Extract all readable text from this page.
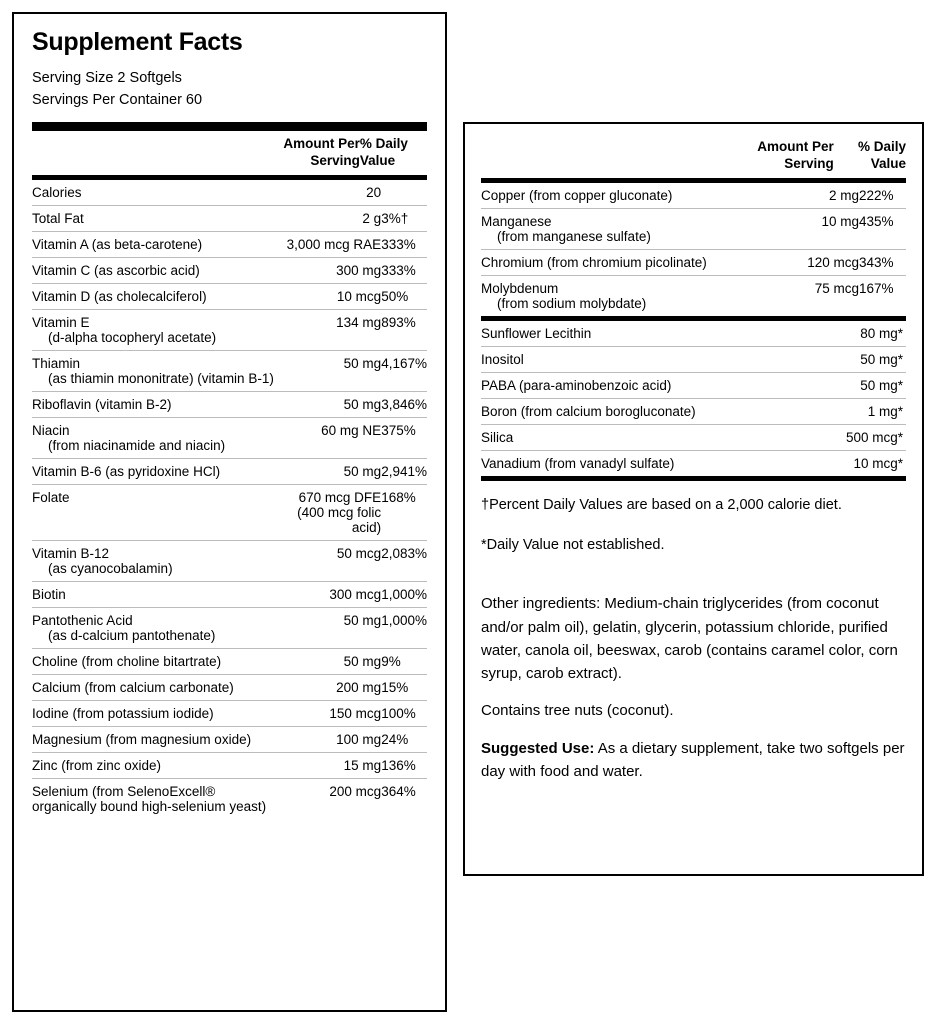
Supplement Facts
Serving Size 2 Softgels
Servings Per Container 60
	Amount Per
Serving	% Daily
Value
Calories	20	
Total Fat	2 g	3%†
Vitamin A (as beta-carotene)	3,000 mcg RAE	333%
Vitamin C (as ascorbic acid)	300 mg	333%
Vitamin D (as cholecalciferol)	10 mcg	50%
Vitamin E
(d-alpha tocopheryl acetate)	134 mg	893%
Thiamin
(as thiamin mononitrate) (vitamin B-1)	50 mg	4,167%
Riboflavin (vitamin B-2)	50 mg	3,846%
Niacin
(from niacinamide and niacin)	60 mg NE	375%
Vitamin B-6 (as pyridoxine HCl)	50 mg	2,941%
Folate	670 mcg DFE (400 mcg folic acid)	168%
Vitamin B-12
(as cyanocobalamin)	50 mcg	2,083%
Biotin	300 mcg	1,000%
Pantothenic Acid
(as d-calcium pantothenate)	50 mg	1,000%
Choline (from choline bitartrate)	50 mg	9%
Calcium (from calcium carbonate)	200 mg	15%
Iodine (from potassium iodide)	150 mcg	100%
Magnesium (from magnesium oxide)	100 mg	24%
Zinc (from zinc oxide)	15 mg	136%
Selenium (from SelenoExcell® organically bound high-selenium yeast)	200 mcg	364%
	Amount Per
Serving	% Daily
Value
Copper (from copper gluconate)	2 mg	222%
Manganese
(from manganese sulfate)	10 mg	435%
Chromium (from chromium picolinate)	120 mcg	343%
Molybdenum
(from sodium molybdate)	75 mcg	167%
Sunflower Lecithin	80 mg	*
Inositol	50 mg	*
PABA (para-aminobenzoic acid)	50 mg	*
Boron (from calcium borogluconate)	1 mg	*
Silica	500 mcg	*
Vanadium (from vanadyl sulfate)	10 mcg	*
†Percent Daily Values are based on a 2,000 calorie diet.
*Daily Value not established.
Other ingredients: Medium-chain triglycerides (from coconut and/or palm oil), gelatin, glycerin, potassium chloride, purified water, canola oil, beeswax, carob (contains caramel color, corn syrup, carob extract).
Contains tree nuts (coconut).
Suggested Use: As a dietary supplement, take two softgels per day with food and water.
